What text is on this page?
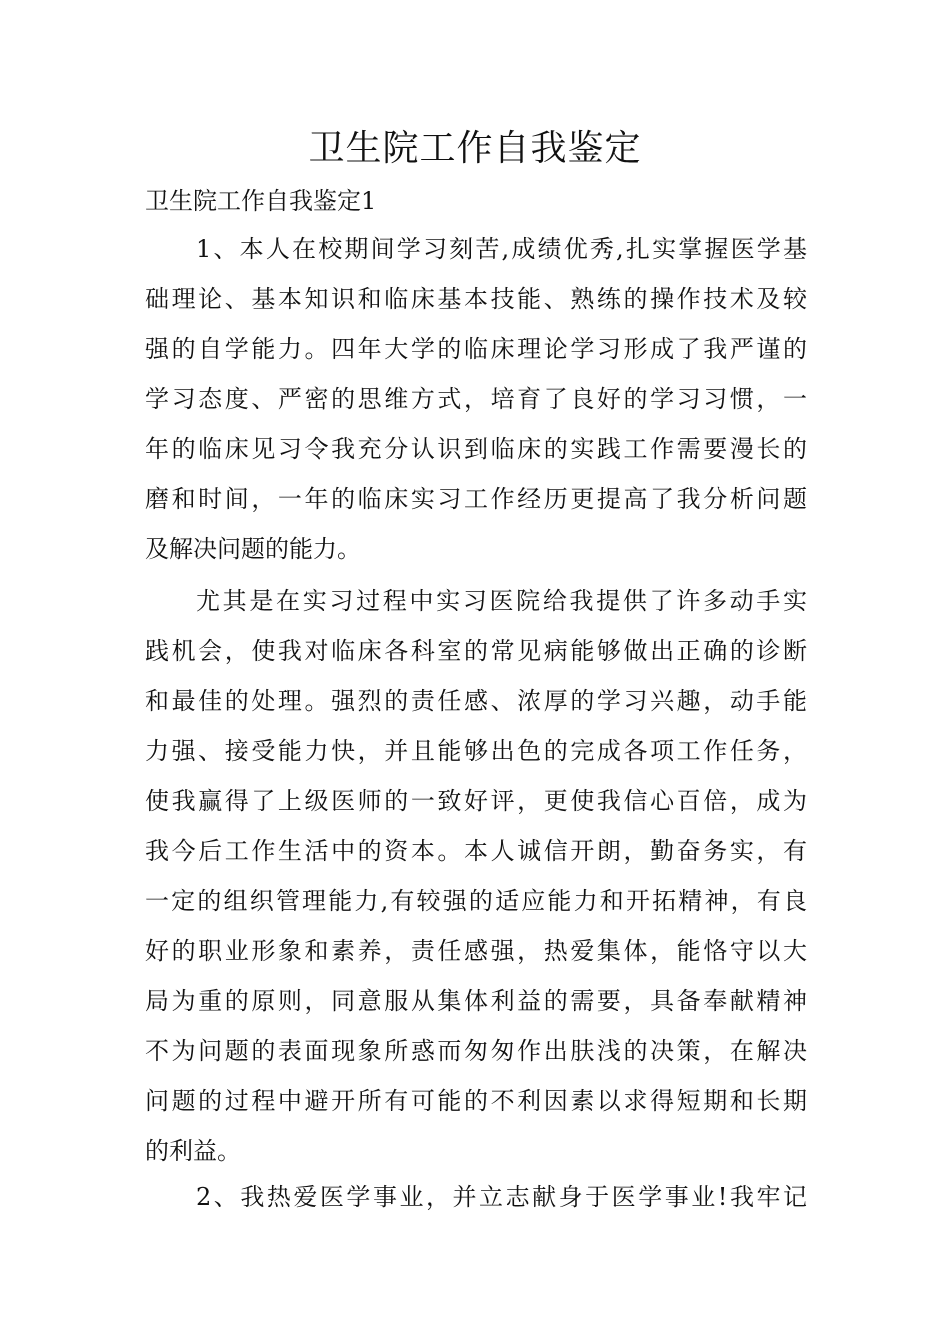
卫生院工作自我鉴定
卫生院工作自我鉴定1
1、本人在校期间学习刻苦,成绩优秀,扎实掌握医学基
础理论、基本知识和临床基本技能、熟练的操作技术及较
强的自学能力。四年大学的临床理论学习形成了我严谨的
学习态度、严密的思维方式，培育了良好的学习习惯，一
年的临床见习令我充分认识到临床的实践工作需要漫长的
磨和时间，一年的临床实习工作经历更提高了我分析问题
及解决问题的能力。
尤其是在实习过程中实习医院给我提供了许多动手实
践机会，使我对临床各科室的常见病能够做出正确的诊断
和最佳的处理。强烈的责任感、浓厚的学习兴趣，动手能
力强、接受能力快，并且能够出色的完成各项工作任务，
使我赢得了上级医师的一致好评，更使我信心百倍，成为
我今后工作生活中的资本。本人诚信开朗，勤奋务实，有
一定的组织管理能力,有较强的适应能力和开拓精神，有良
好的职业形象和素养，责任感强，热爱集体，能恪守以大
局为重的原则，同意服从集体利益的需要，具备奉献精神
不为问题的表面现象所惑而匆匆作出肤浅的决策，在解决
问题的过程中避开所有可能的不利因素以求得短期和长期
的利益。
2、我热爱医学事业，并立志献身于医学事业!我牢记
